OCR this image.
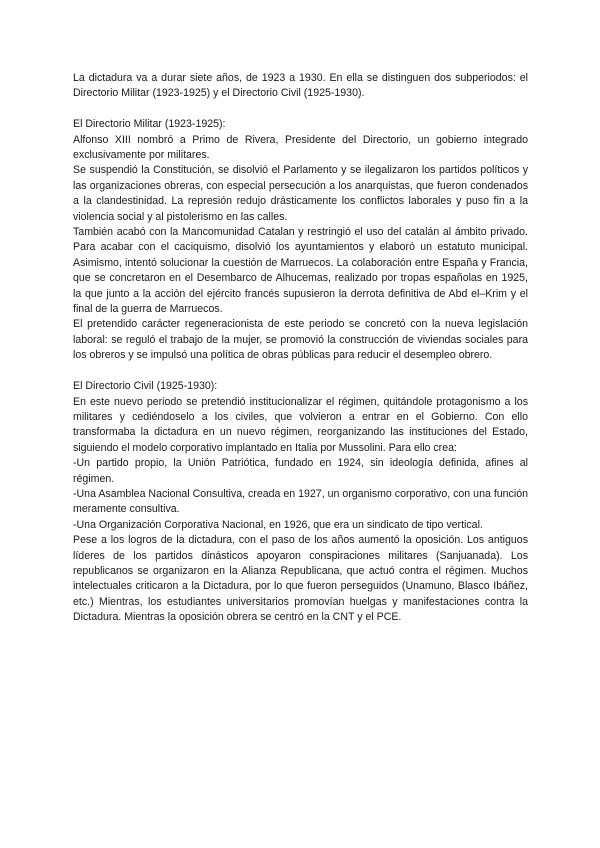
La dictadura va a durar siete años, de 1923 a 1930. En ella se distinguen dos subperiodos: el Directorio Militar (1923-1925) y el Directorio Civil (1925-1930).

El Directorio Militar (1923-1925):

Alfonso XIII nombró a Primo de Rivera, Presidente del Directorio, un gobierno integrado exclusivamente por militares.

Se suspendió la Constitución, se disolvió el Parlamento y se ilegalizaron los partidos políticos y las organizaciones obreras, con especial persecución a los anarquistas, que fueron condenados a la clandestinidad. La represión redujo drásticamente los conflictos laborales y puso fin a la violencia social y al pistolerismo en las calles.

También acabó con la Mancomunidad Catalan y restringió el uso del catalán al ámbito privado. Para acabar con el caciquismo, disolvió los ayuntamientos y elaboró un estatuto municipal. Asimismo, intentó solucionar la cuestión de Marruecos. La colaboración entre España y Francia, que se concretaron en el Desembarco de Alhucemas, realizado por tropas españolas en 1925, la que junto a la acción del ejército francés supusieron la derrota definitiva de Abd el–Krim y el final de la guerra de Marruecos.

El pretendido carácter regeneracionista de este periodo se concretó con la nueva legislación laboral: se reguló el trabajo de la mujer, se promovió la construcción de viviendas sociales para los obreros y se impulsó una política de obras públicas para reducir el desempleo obrero.

El Directorio Civil (1925-1930):

En este nuevo periodo se pretendió institucionalizar el régimen, quitándole protagonismo a los militares y cediéndoselo a los civiles, que volvieron a entrar en el Gobierno. Con ello transformaba la dictadura en un nuevo régimen, reorganizando las instituciones del Estado, siguiendo el modelo corporativo implantado en Italia por Mussolini. Para ello crea:

-Un partido propio, la Unión Patriótica, fundado en 1924, sin ideología definida, afines al régimen.

-Una Asamblea Nacional Consultiva, creada en 1927, un organismo corporativo, con una función meramente consultiva.

-Una Organización Corporativa Nacional, en 1926, que era un sindicato de tipo vertical.

Pese a los logros de la dictadura, con el paso de los años aumentó la oposición. Los antiguos líderes de los partidos dinásticos apoyaron conspiraciones militares (Sanjuanada). Los republicanos se organizaron en la Alianza Republicana, que actuó contra el régimen. Muchos intelectuales criticaron a la Dictadura, por lo que fueron perseguidos (Unamuno, Blasco Ibáñez, etc.) Mientras, los estudiantes universitarios promovían huelgas y manifestaciones contra la Dictadura. Mientras la oposición obrera se centró en la CNT y el PCE.
